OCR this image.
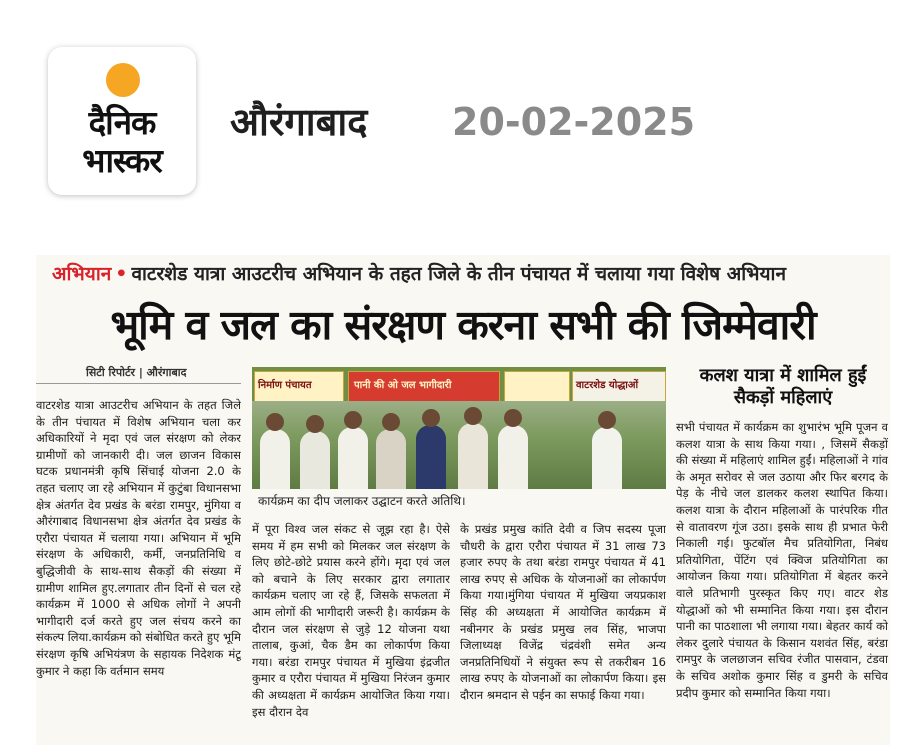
दैनिक
भास्कर
औरंगाबाद 20-02-2025
अभियान • वाटरशेड यात्रा आउटरीच अभियान के तहत जिले के तीन पंचायत में चलाया गया विशेष अभियान
भूमि व जल का संरक्षण करना सभी की जिम्मेवारी
सिटी रिपोर्टर | औरंगाबाद
वाटरशेड यात्रा आउटरीच अभियान के तहत जिले के तीन पंचायत में विशेष अभियान चला कर अधिकारियों ने मृदा एवं जल संरक्षण को लेकर ग्रामीणों को जानकारी दी। जल छाजन विकास घटक प्रधानमंत्री कृषि सिंचाई योजना 2.0 के तहत चलाए जा रहे अभियान में कुटुंबा विधानसभा क्षेत्र अंतर्गत देव प्रखंड के बरंडा रामपुर, मुंगिया व औरंगाबाद विधानसभा क्षेत्र अंतर्गत देव प्रखंड के एरौरा पंचायत में चलाया गया। अभियान में भूमि संरक्षण के अधिकारी, कर्मी, जनप्रतिनिधि व बुद्धिजीवी के साथ-साथ सैकड़ों की संख्या में ग्रामीण शामिल हुए.लगातार तीन दिनों से चल रहे कार्यक्रम में 1000 से अधिक लोगों ने अपनी भागीदारी दर्ज करते हुए जल संचय करने का संकल्प लिया.कार्यक्रम को संबोधित करते हुए भूमि संरक्षण कृषि अभियंत्रण के सहायक निदेशक मंटू कुमार ने कहा कि वर्तमान समय
निर्माण पंचायत	पानी की ओ जल भागीदारी	वाटरशेड योद्धाओं
कार्यक्रम का दीप जलाकर उद्घाटन करते अतिथि।
में पूरा विश्व जल संकट से जूझ रहा है। ऐसे समय में हम सभी को मिलकर जल संरक्षण के लिए छोटे-छोटे प्रयास करने होंगे। मृदा एवं जल को बचाने के लिए सरकार द्वारा लगातार कार्यक्रम चलाए जा रहे हैं, जिसके सफलता में आम लोगों की भागीदारी जरूरी है। कार्यक्रम के दौरान जल संरक्षण से जुड़े 12 योजना यथा तालाब, कुआं, चैक डैम का लोकार्पण किया गया। बरंडा रामपुर पंचायत में मुखिया इंद्रजीत कुमार व एरौरा पंचायत में मुखिया निरंजन कुमार की अध्यक्षता में कार्यक्रम आयोजित किया गया।इस दौरान देव
के प्रखंड प्रमुख कांति देवी व जिप सदस्य पूजा चौधरी के द्वारा एरौरा पंचायत में 31 लाख 73 हजार रुपए के तथा बरंडा रामपुर पंचायत में 41 लाख रुपए से अधिक के योजनाओं का लोकार्पण किया गया।मुंगिया पंचायत में मुखिया जयप्रकाश सिंह की अध्यक्षता में आयोजित कार्यक्रम में नबीनगर के प्रखंड प्रमुख लव सिंह, भाजपा जिलाध्यक्ष विजेंद्र चंद्रवंशी समेत अन्य जनप्रतिनिधियों ने संयुक्त रूप से तकरीबन 16 लाख रुपए के योजनाओं का लोकार्पण किया। इस दौरान श्रमदान से पईन का सफाई किया गया।
कलश यात्रा में शामिल हुईं
सैकड़ों महिलाएं
सभी पंचायत में कार्यक्रम का शुभारंभ भूमि पूजन व कलश यात्रा के साथ किया गया। , जिसमें सैकड़ों की संख्या में महिलाएं शामिल हुईं। महिलाओं ने गांव के अमृत सरोवर से जल उठाया और फिर बरगद के पेड़ के नीचे जल डालकर कलश स्थापित किया। कलश यात्रा के दौरान महिलाओं के पारंपरिक गीत से वातावरण गूंज उठा। इसके साथ ही प्रभात फेरी निकाली गई। फुटबॉल मैच प्रतियोगिता, निबंध प्रतियोगिता, पेंटिंग एवं क्विज प्रतियोगिता का आयोजन किया गया। प्रतियोगिता में बेहतर करने वाले प्रतिभागी पुरस्कृत किए गए। वाटर शेड योद्धाओं को भी सम्मानित किया गया। इस दौरान पानी का पाठशाला भी लगाया गया। बेहतर कार्य को लेकर दुलारे पंचायत के किसान यशवंत सिंह, बरंडा रामपुर के जलछाजन सचिव रंजीत पासवान, टंडवा के सचिव अशोक कुमार सिंह व डुमरी के सचिव प्रदीप कुमार को सम्मानित किया गया।
